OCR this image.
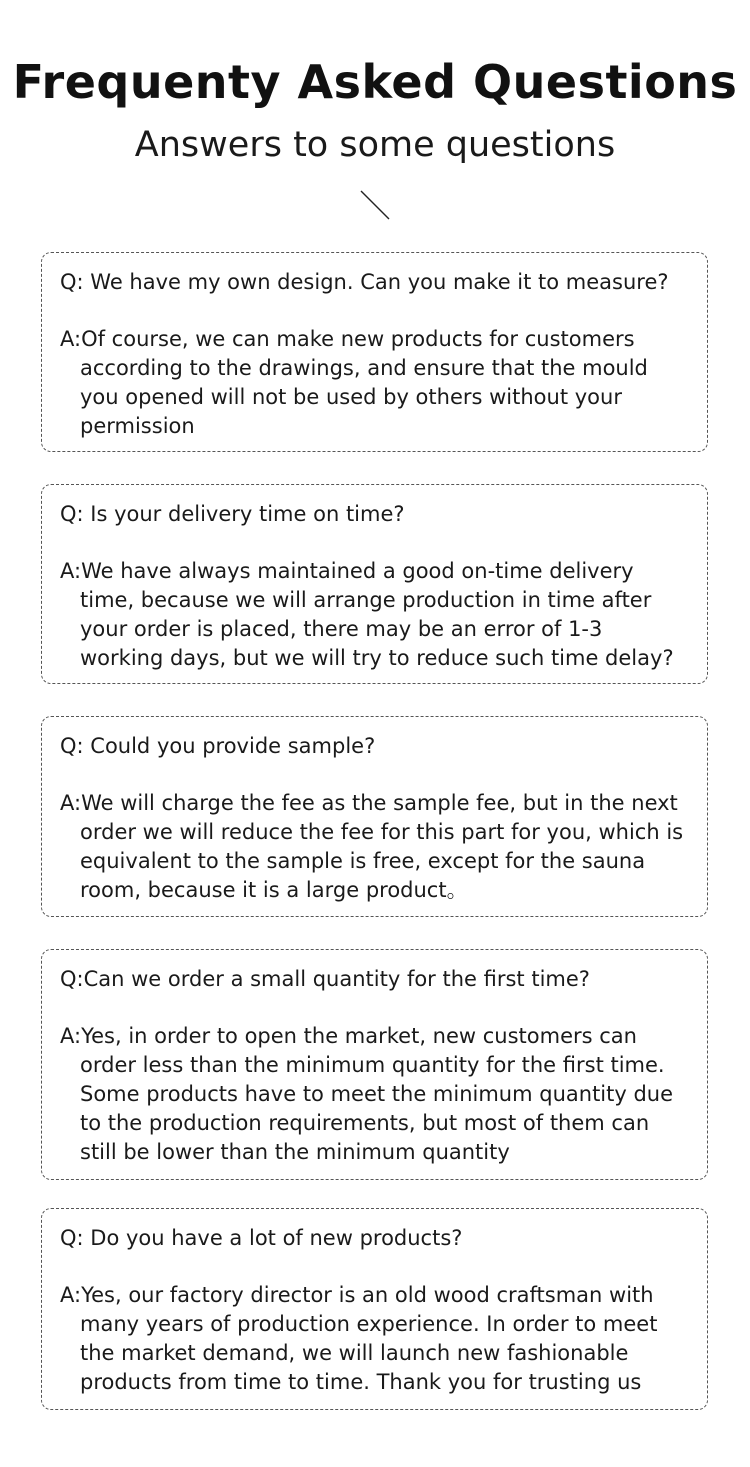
Frequenty Asked Questions
Answers to some questions

Q: We have my own design. Can you make it to measure?

A:Of course, we can make new products for customers according to the drawings, and ensure that the mould you opened will not be used by others without your permission

Q: Is your delivery time on time?

A:We have always maintained a good on-time delivery time, because we will arrange production in time after your order is placed, there may be an error of 1-3 working days, but we will try to reduce such time delay?

Q: Could you provide sample?

A:We will charge the fee as the sample fee, but in the next order we will reduce the fee for this part for you, which is equivalent to the sample is free, except for the sauna room, because it is a large product。

Q:Can we order a small quantity for the first time?

A:Yes, in order to open the market, new customers can order less than the minimum quantity for the first time. Some products have to meet the minimum quantity due to the production requirements, but most of them can still be lower than the minimum quantity

Q: Do you have a lot of new products?

A:Yes, our factory director is an old wood craftsman with many years of production experience. In order to meet the market demand, we will launch new fashionable products from time to time. Thank you for trusting us
